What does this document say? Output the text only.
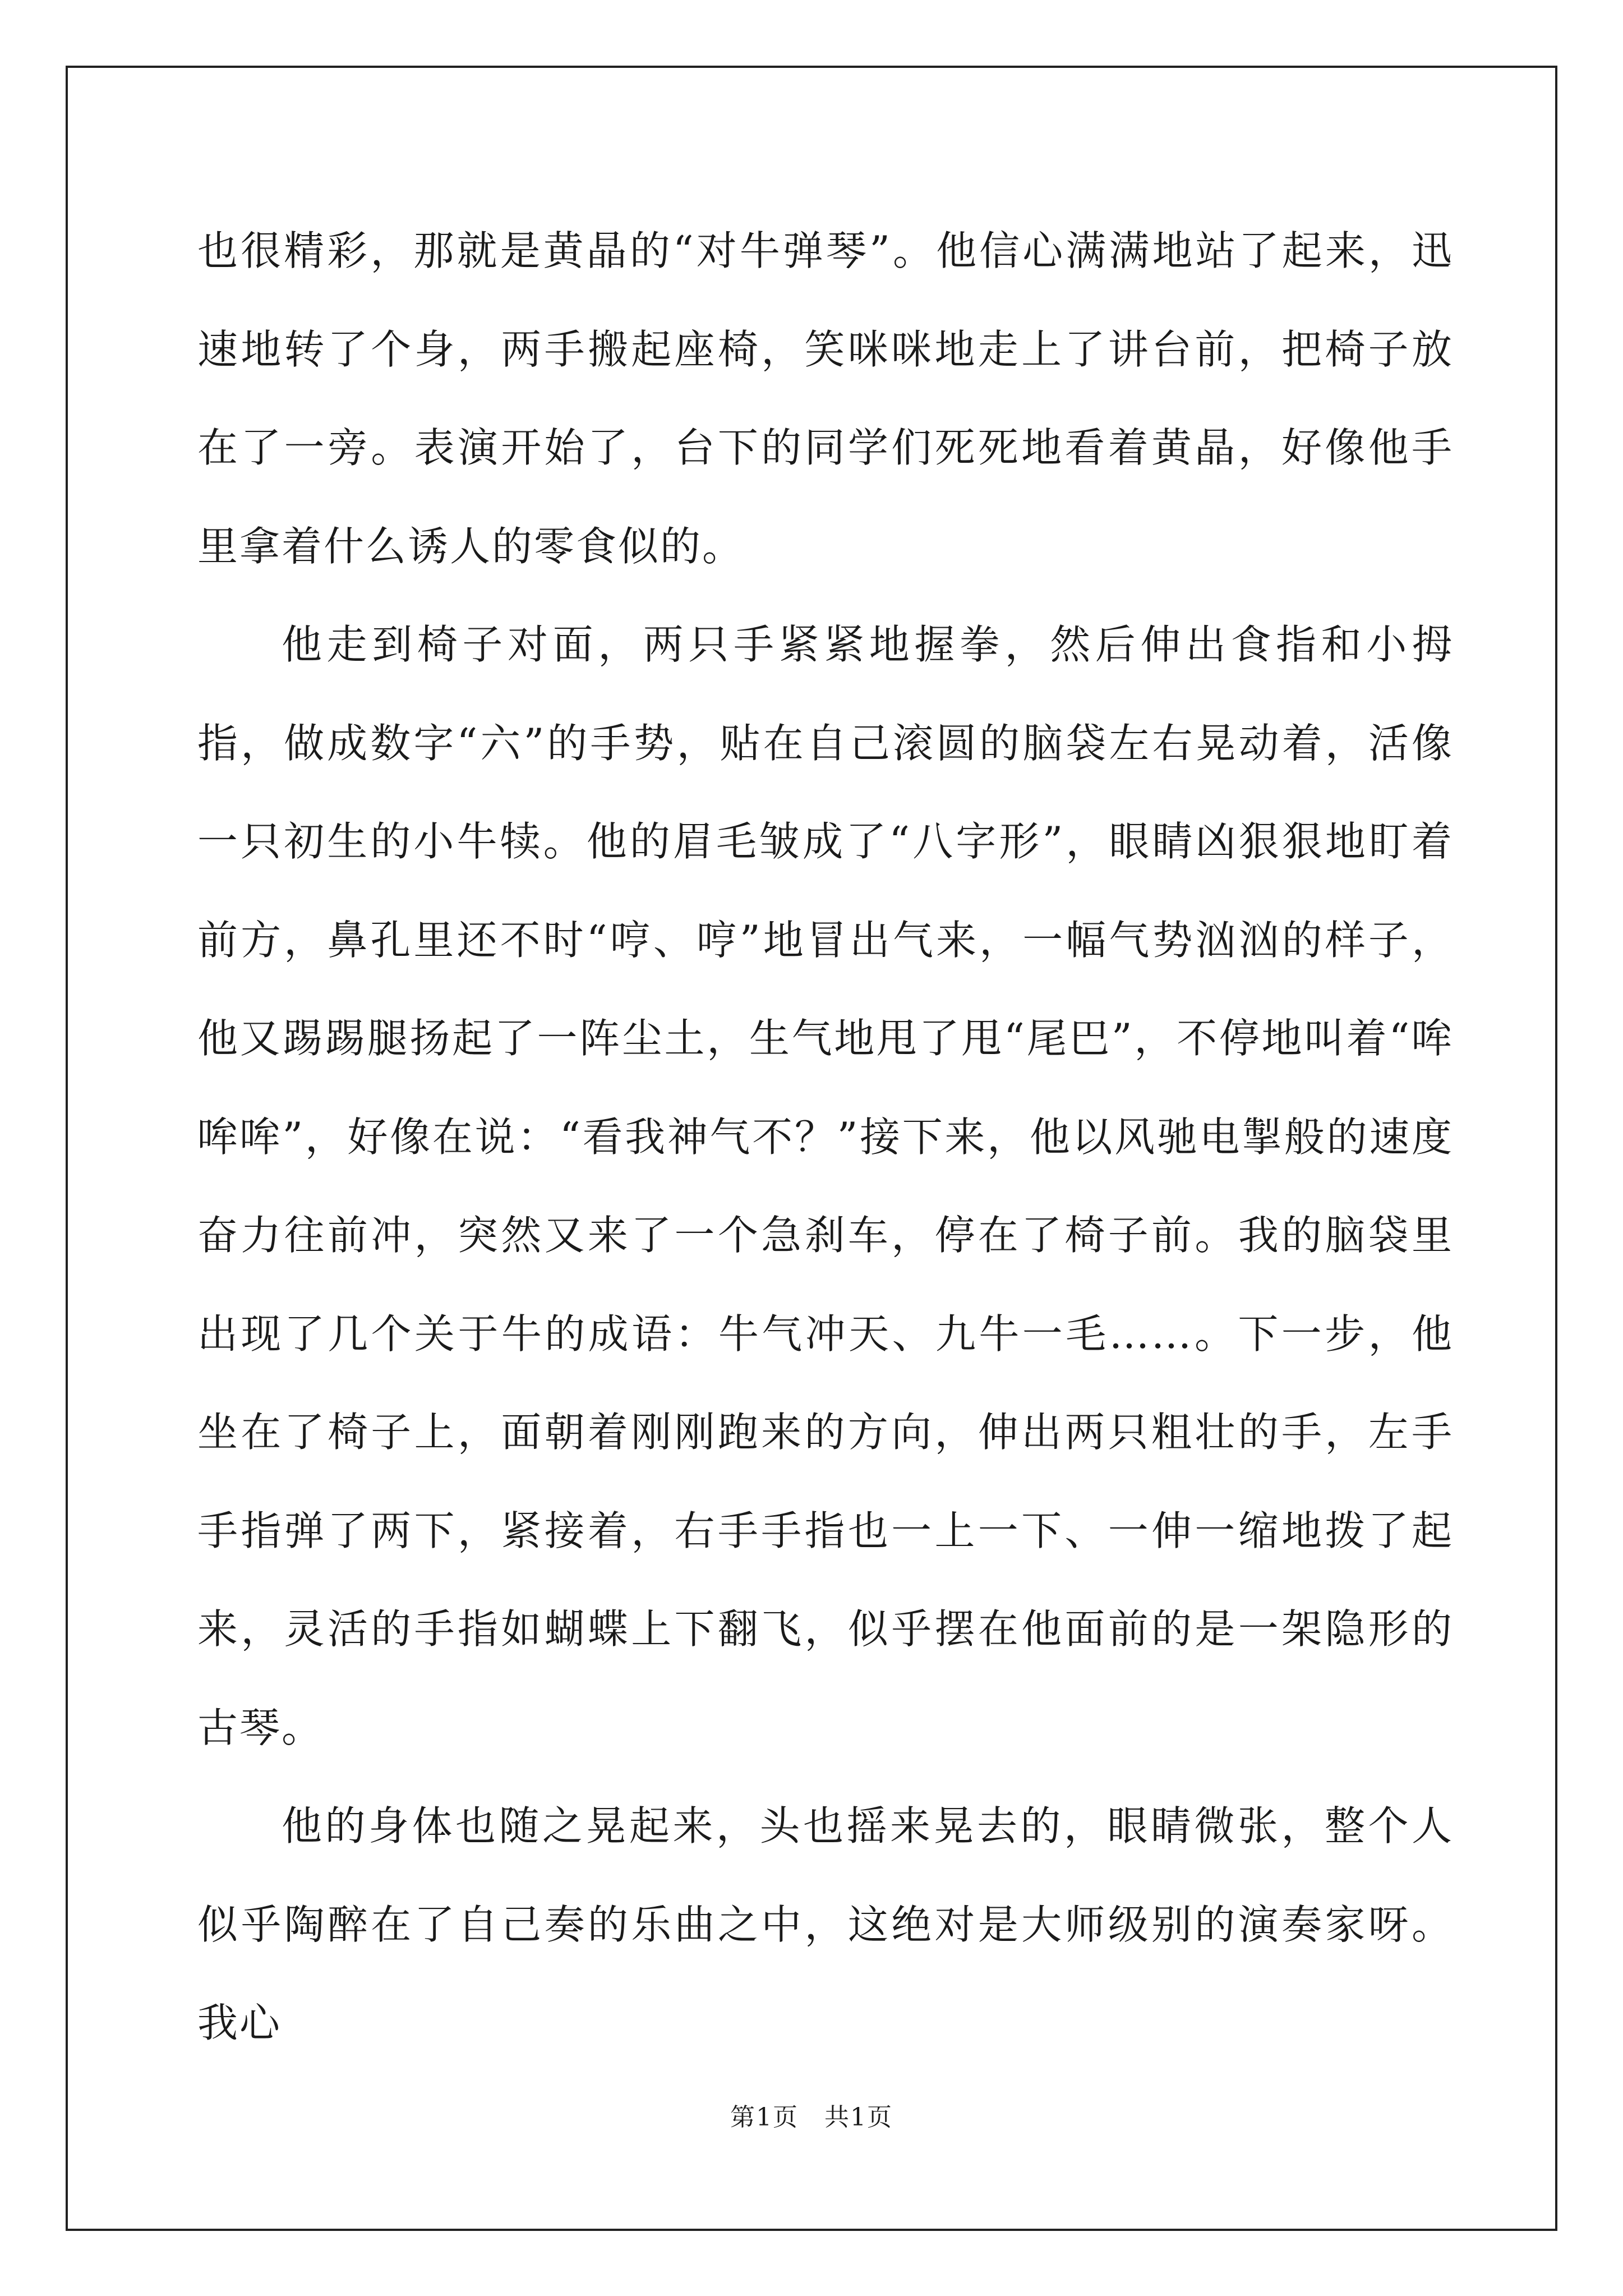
也很精彩，那就是黄晶的“对牛弹琴”。他信心满满地站了起来，迅速地转了个身，两手搬起座椅，笑咪咪地走上了讲台前，把椅子放在了一旁。表演开始了，台下的同学们死死地看着黄晶，好像他手里拿着什么诱人的零食似的。

他走到椅子对面，两只手紧紧地握拳，然后伸出食指和小拇指，做成数字“六”的手势，贴在自己滚圆的脑袋左右晃动着，活像一只初生的小牛犊。他的眉毛皱成了“八字形”，眼睛凶狠狠地盯着前方，鼻孔里还不时“哼、哼”地冒出气来，一幅气势汹汹的样子，他又踢踢腿扬起了一阵尘土，生气地甩了甩“尾巴”，不停地叫着“哞哞哞”，好像在说：“看我神气不？”接下来，他以风驰电掣般的速度奋力往前冲，突然又来了一个急刹车，停在了椅子前。我的脑袋里出现了几个关于牛的成语：牛气冲天、九牛一毛……。下一步，他坐在了椅子上，面朝着刚刚跑来的方向，伸出两只粗壮的手，左手手指弹了两下，紧接着，右手手指也一上一下、一伸一缩地拨了起来，灵活的手指如蝴蝶上下翻飞，似乎摆在他面前的是一架隐形的古琴。

他的身体也随之晃起来，头也摇来晃去的，眼睛微张，整个人似乎陶醉在了自己奏的乐曲之中，这绝对是大师级别的演奏家呀。我心

第1页　共1页
